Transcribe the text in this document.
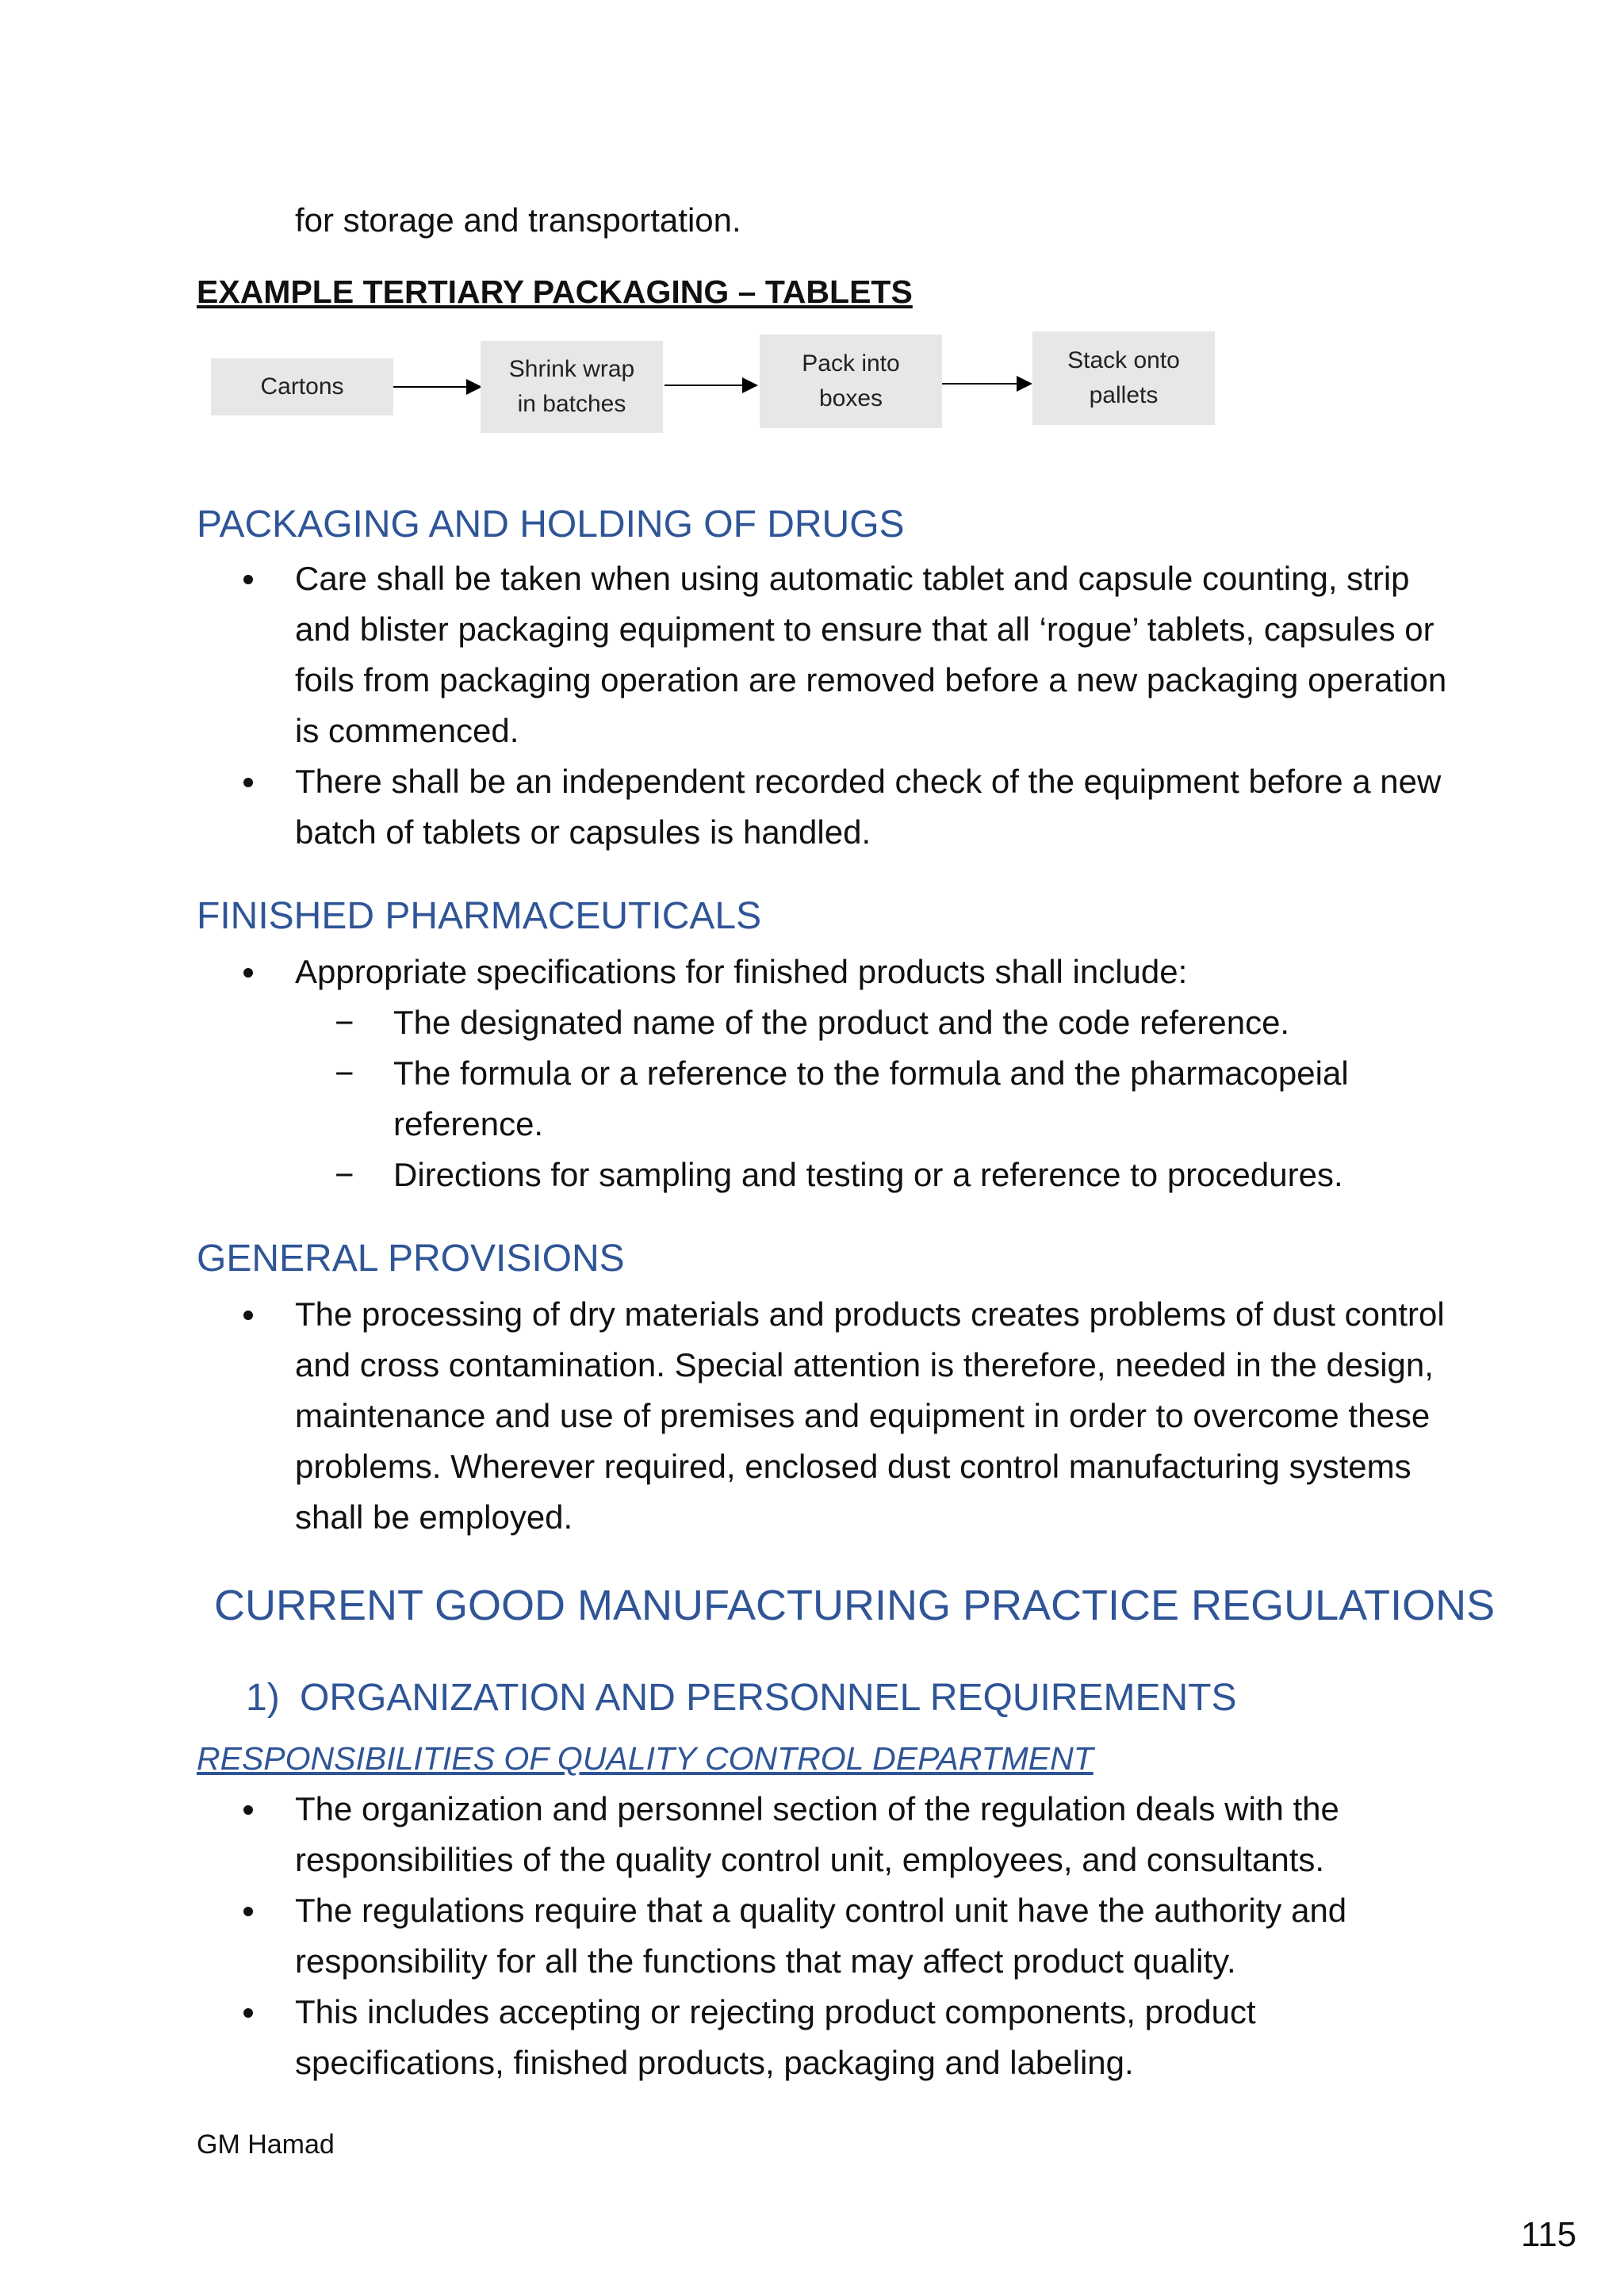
for storage and transportation.
EXAMPLE TERTIARY PACKAGING – TABLETS
Cartons
Shrink wrap
in batches
Pack into
boxes
Stack onto
pallets
PACKAGING AND HOLDING OF DRUGS
Care shall be taken when using automatic tablet and capsule counting, strip and blister packaging equipment to ensure that all ‘rogue’ tablets, capsules or foils from packaging operation are removed before a new packaging operation is commenced.
There shall be an independent recorded check of the equipment before a new batch of tablets or capsules is handled.
FINISHED PHARMACEUTICALS
Appropriate specifications for finished products shall include:
− The designated name of the product and the code reference.
− The formula or a reference to the formula and the pharmacopeial reference.
− Directions for sampling and testing or a reference to procedures.
GENERAL PROVISIONS
The processing of dry materials and products creates problems of dust control and cross contamination. Special attention is therefore, needed in the design, maintenance and use of premises and equipment in order to overcome these problems. Wherever required, enclosed dust control manufacturing systems shall be employed.
CURRENT GOOD MANUFACTURING PRACTICE REGULATIONS
1) ORGANIZATION AND PERSONNEL REQUIREMENTS
RESPONSIBILITIES OF QUALITY CONTROL DEPARTMENT
The organization and personnel section of the regulation deals with the responsibilities of the quality control unit, employees, and consultants.
The regulations require that a quality control unit have the authority and responsibility for all the functions that may affect product quality.
This includes accepting or rejecting product components, product specifications, finished products, packaging and labeling.
GM Hamad
115
